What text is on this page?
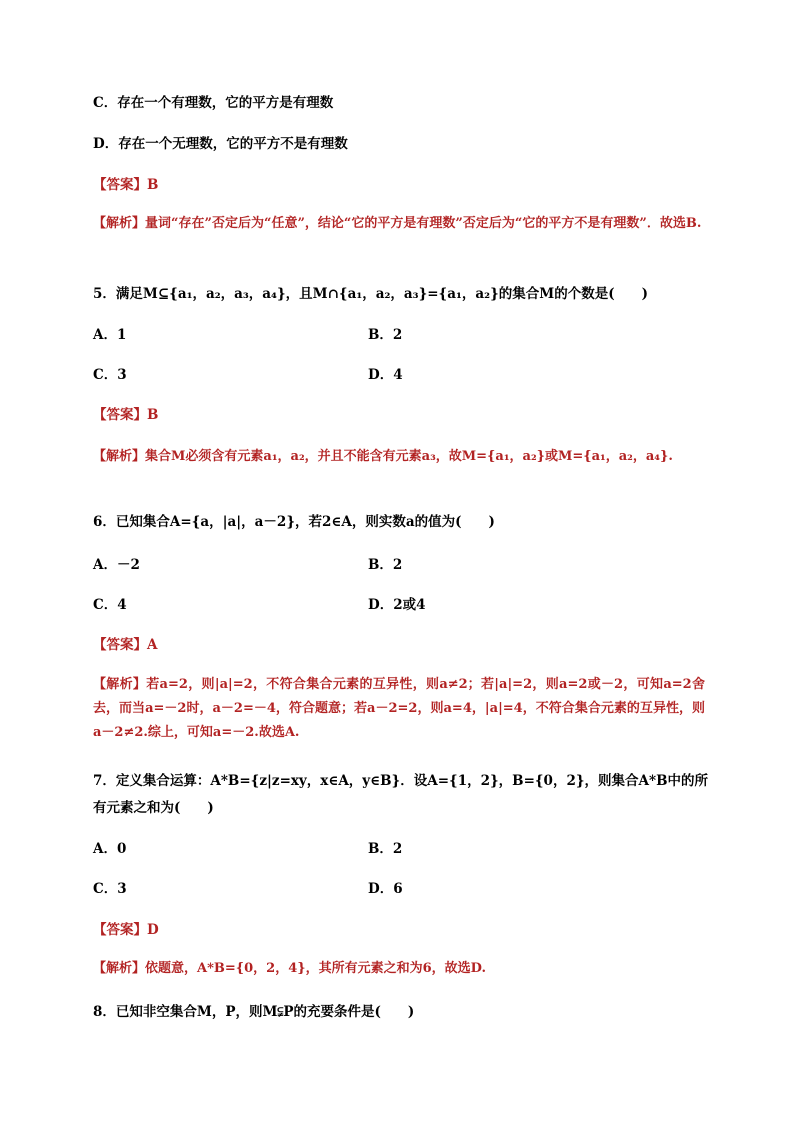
C．存在一个有理数，它的平方是有理数
D．存在一个无理数，它的平方不是有理数
【答案】B
【解析】量词“存在”否定后为“任意”，结论“它的平方是有理数”否定后为“它的平方不是有理数”．故选B.
5．满足M⊆{a₁，a₂，a₃，a₄}，且M∩{a₁，a₂，a₃}={a₁，a₂}的集合M的个数是(　　)
A．1	B．2
C．3	D．4
【答案】B
【解析】集合M必须含有元素a₁，a₂，并且不能含有元素a₃，故M={a₁，a₂}或M={a₁，a₂，a₄}.
6．已知集合A={a，|a|，a－2}，若2∈A，则实数a的值为(　　)
A．－2	B．2
C．4	D．2或4
【答案】A
【解析】若a=2，则|a|=2，不符合集合元素的互异性，则a≠2；若|a|=2，则a=2或－2，可知a=2舍去，而当a=－2时，a－2=－4，符合题意；若a－2=2，则a=4，|a|=4，不符合集合元素的互异性，则a－2≠2.综上，可知a=－2.故选A.
7．定义集合运算：A*B={z|z=xy，x∈A，y∈B}．设A={1，2}，B={0，2}，则集合A*B中的所
有元素之和为(　　)
A．0	B．2
C．3	D．6
【答案】D
【解析】依题意，A*B={0，2，4}，其所有元素之和为6，故选D.
8．已知非空集合M，P，则M⫋P的充要条件是(　　)
